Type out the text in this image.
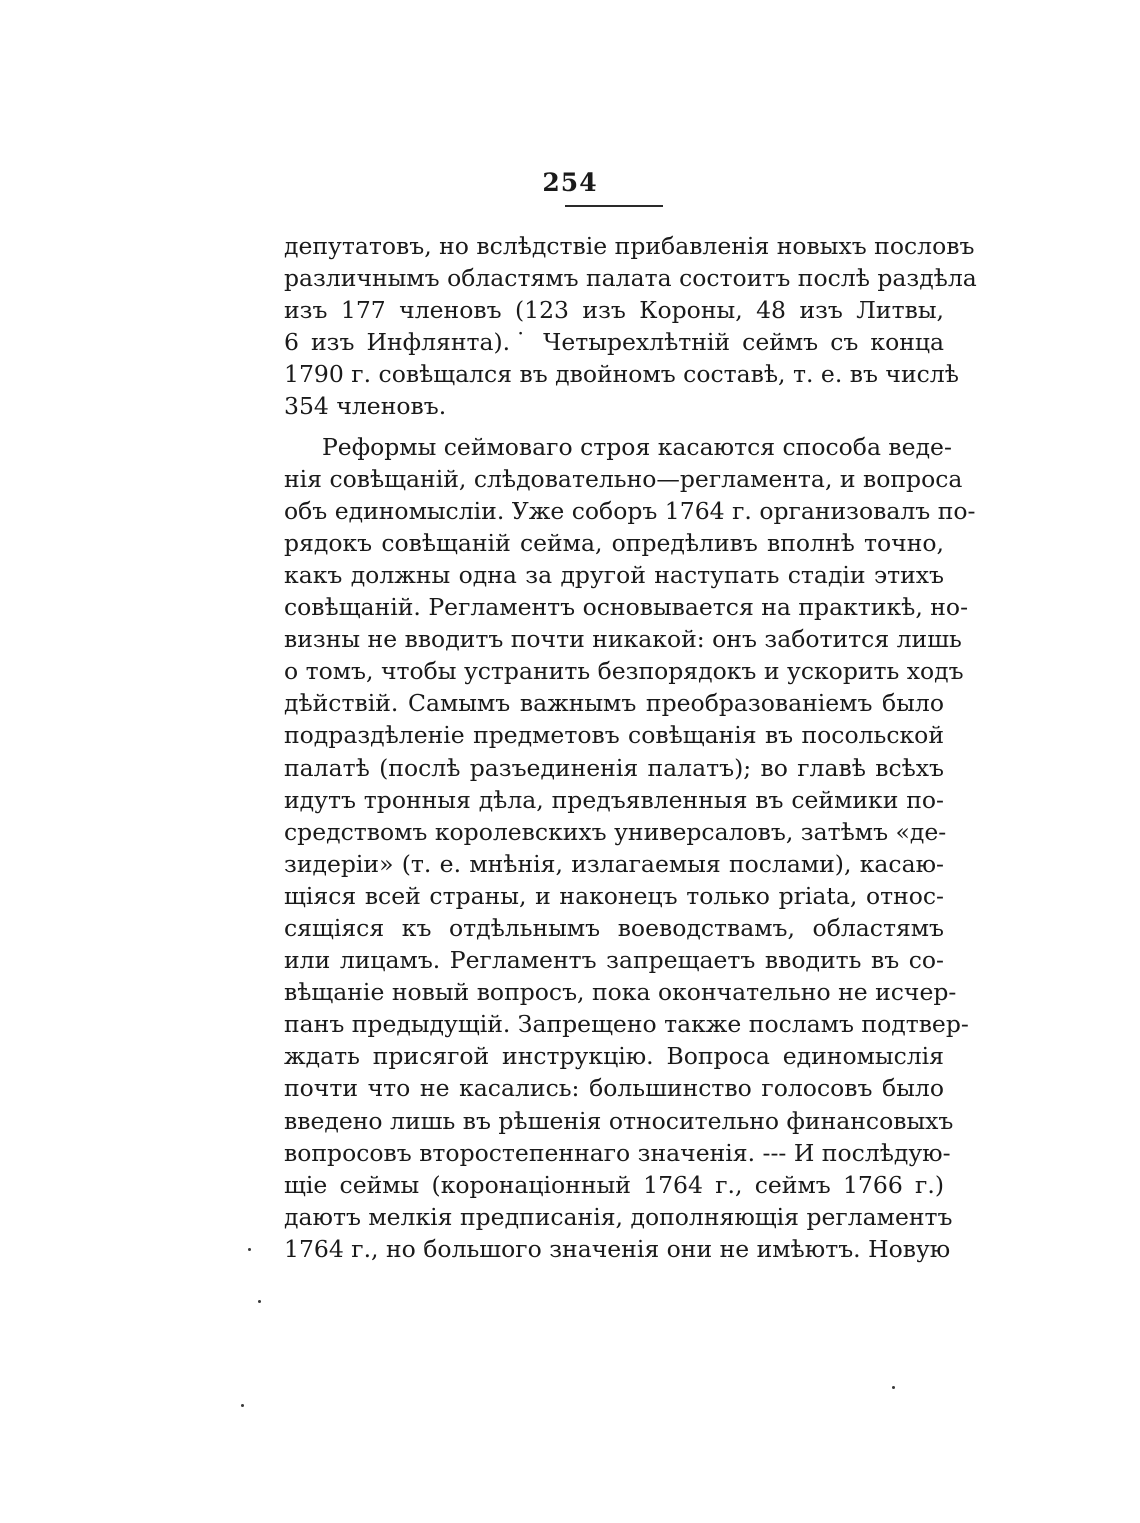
254
депутатовъ, но вслѣдствіе прибавленія новыхъ пословъ
различнымъ областямъ палата состоитъ послѣ раздѣла
изъ 177 членовъ (123 изъ Короны, 48 изъ Литвы,
6 изъ Инфлянта).˙ Четырехлѣтній сеймъ съ конца
1790 г. совѣщался въ двойномъ составѣ, т. е. въ числѣ
354 членовъ.
Реформы сеймоваго строя касаются способа веде-
нія совѣщаній, слѣдовательно—регламента, и вопроса
объ единомысліи. Уже соборъ 1764 г. организовалъ по-
рядокъ совѣщаній сейма, опредѣливъ вполнѣ точно,
какъ должны одна за другой наступать стадіи этихъ
совѣщаній. Регламентъ основывается на практикѣ, но-
визны не вводитъ почти никакой: онъ заботится лишь
о томъ, чтобы устранить безпорядокъ и ускорить ходъ
дѣйствій. Самымъ важнымъ преобразованіемъ было
подраздѣленіе предметовъ совѣщанія въ посольской
палатѣ (послѣ разъединенія палатъ); во главѣ всѣхъ
идутъ тронныя дѣла, предъявленныя въ сеймики по-
средствомъ королевскихъ универсаловъ, затѣмъ «де-
зидеріи» (т. е. мнѣнія, излагаемыя послами), касаю-
щіяся всей страны, и наконецъ только priata, относ-
сящіяся къ отдѣльнымъ воеводствамъ, областямъ
или лицамъ. Регламентъ запрещаетъ вводить въ со-
вѣщаніе новый вопросъ, пока окончательно не исчер-
панъ предыдущій. Запрещено также посламъ подтвер-
ждать присягой инструкцію. Вопроса единомыслія
почти что не касались: большинство голосовъ было
введено лишь въ рѣшенія относительно финансовыхъ
вопросовъ второстепеннаго значенія. --- И послѣдую-
щіе сеймы (коронаціонный 1764 г., сеймъ 1766 г.)
даютъ мелкія предписанія, дополняющія регламентъ
1764 г., но большого значенія они не имѣютъ. Новую
